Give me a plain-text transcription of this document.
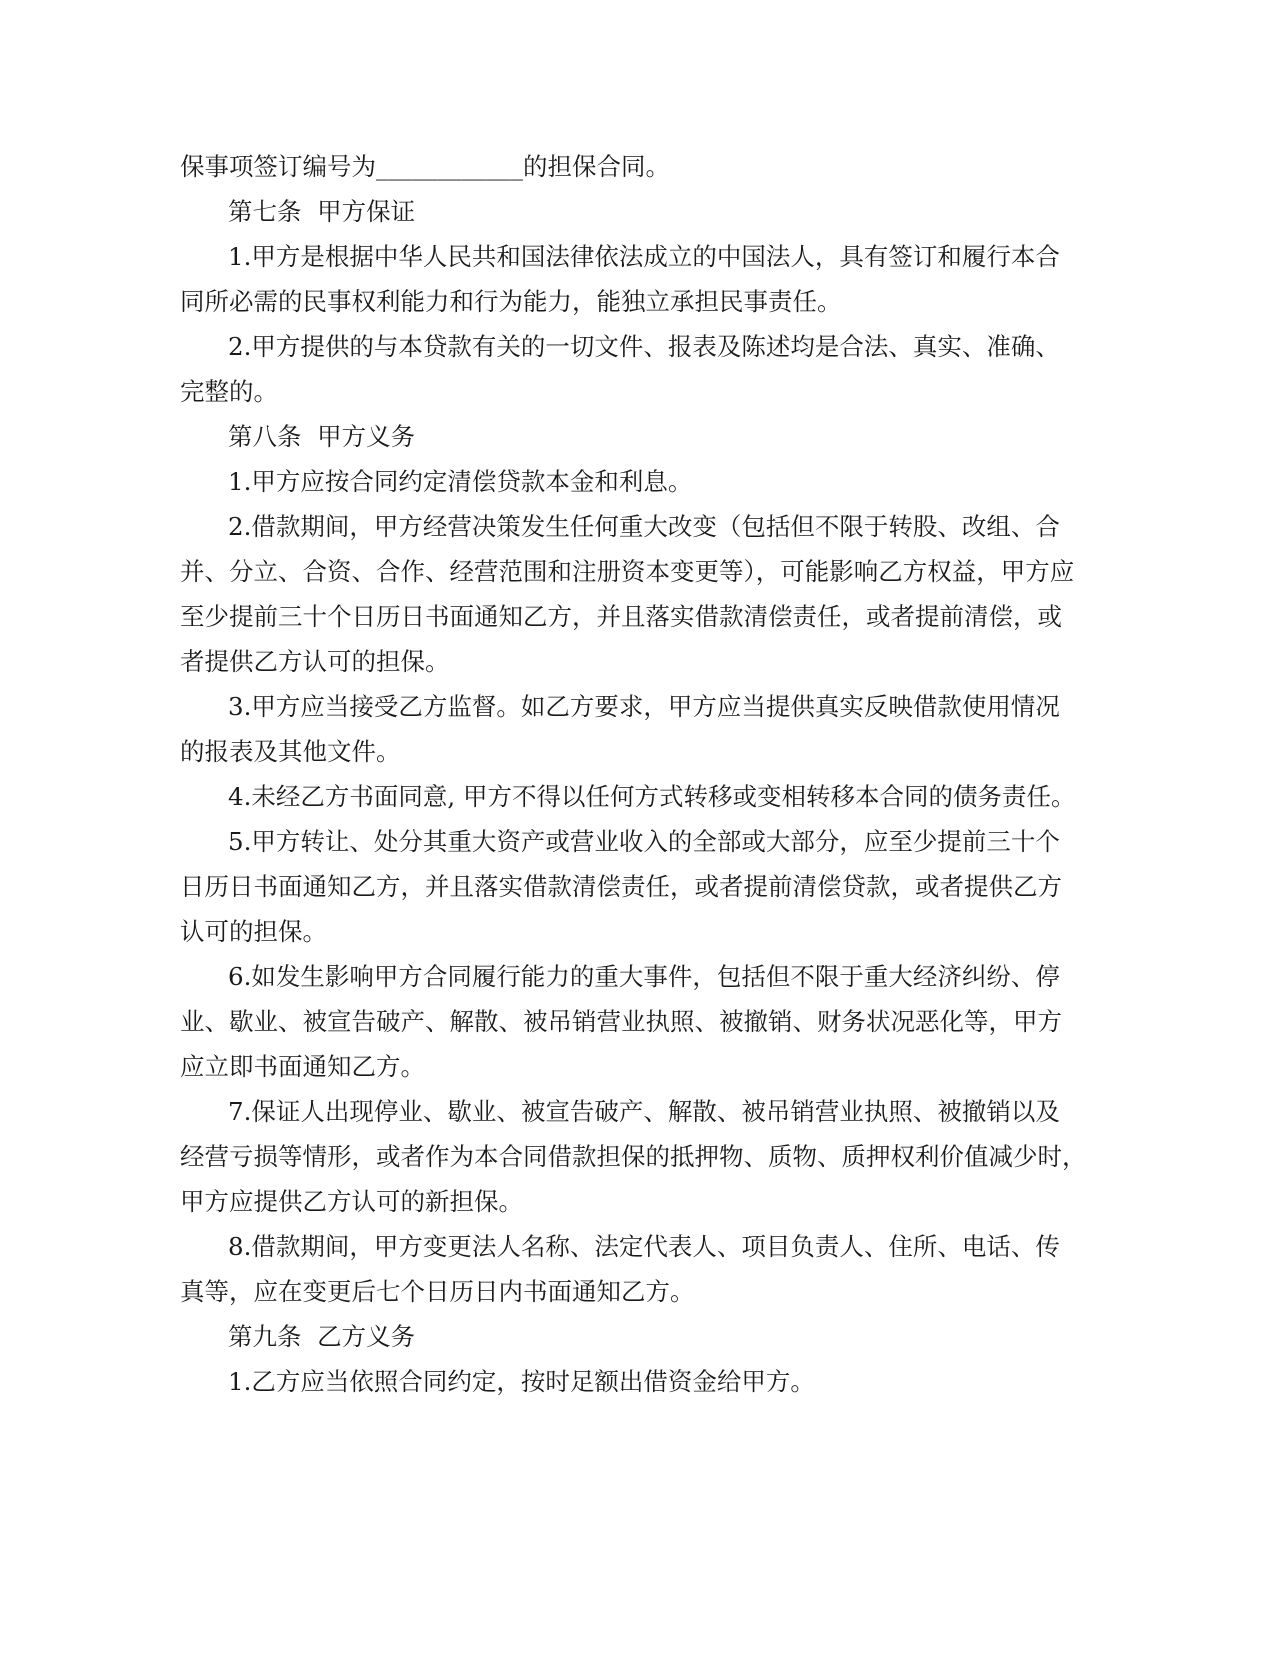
保事项签订编号为____________的担保合同。

第七条  甲方保证

1.甲方是根据中华人民共和国法律依法成立的中国法人，具有签订和履行本合

同所必需的民事权利能力和行为能力，能独立承担民事责任。

2.甲方提供的与本贷款有关的一切文件、报表及陈述均是合法、真实、准确、

完整的。

第八条  甲方义务

1.甲方应按合同约定清偿贷款本金和利息。

2.借款期间，甲方经营决策发生任何重大改变（包括但不限于转股、改组、合

并、分立、合资、合作、经营范围和注册资本变更等），可能影响乙方权益，甲方应

至少提前三十个日历日书面通知乙方，并且落实借款清偿责任，或者提前清偿，或

者提供乙方认可的担保。

3.甲方应当接受乙方监督。如乙方要求，甲方应当提供真实反映借款使用情况

的报表及其他文件。

4.未经乙方书面同意, 甲方不得以任何方式转移或变相转移本合同的债务责任。

5.甲方转让、处分其重大资产或营业收入的全部或大部分，应至少提前三十个

日历日书面通知乙方，并且落实借款清偿责任，或者提前清偿贷款，或者提供乙方

认可的担保。

6.如发生影响甲方合同履行能力的重大事件，包括但不限于重大经济纠纷、停

业、歇业、被宣告破产、解散、被吊销营业执照、被撤销、财务状况恶化等，甲方

应立即书面通知乙方。

7.保证人出现停业、歇业、被宣告破产、解散、被吊销营业执照、被撤销以及

经营亏损等情形，或者作为本合同借款担保的抵押物、质物、质押权利价值减少时，

甲方应提供乙方认可的新担保。

8.借款期间，甲方变更法人名称、法定代表人、项目负责人、住所、电话、传

真等，应在变更后七个日历日内书面通知乙方。

第九条  乙方义务

1.乙方应当依照合同约定，按时足额出借资金给甲方。
